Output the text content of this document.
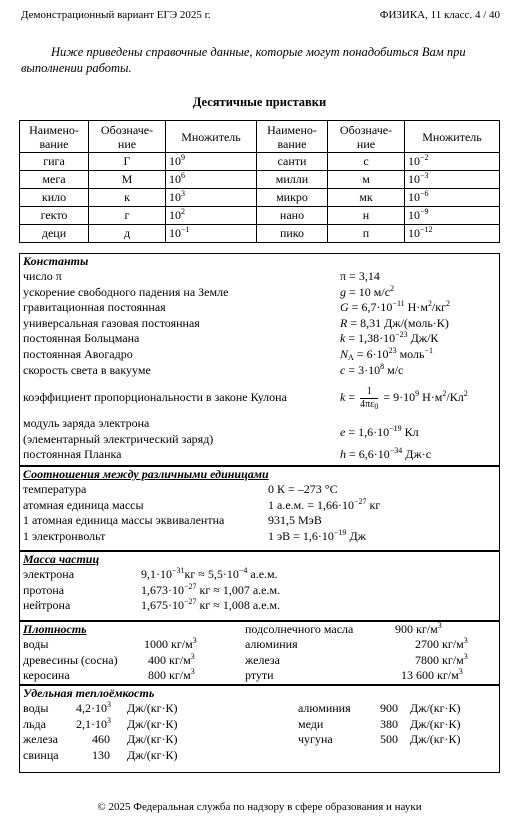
Демонстрационный вариант ЕГЭ 2025 г.	ФИЗИКА, 11 класс. 4 / 40
Ниже приведены справочные данные, которые могут понадобиться Вам при выполнении работы.
Десятичные приставки
Наимено-вание	Обозначе-ние	Множитель	Наимено-вание	Обозначе-ние	Множитель
гига	Г	$10^9$	санти	с	$10^{-2}$
мега	М	$10^6$	милли	м	$10^{-3}$
кило	к	$10^3$	микро	мк	$10^{-6}$
гекто	г	$10^2$	нано	н	$10^{-9}$
деци	д	$10^{-1}$	пико	п	$10^{-12}$
Константы
число π	π = 3,14
ускорение свободного падения на Земле	g = 10 $м/с^2$
гравитационная постоянная	$G = 6,7\cdot 10^{-11}$ $Н\cdot м^2/кг^2$
универсальная газовая постоянная	R = 8,31 Дж/(моль·К)
постоянная Больцмана	$k = 1,38\cdot 10^{-23}$ Дж/К
постоянная Авогадро	$N_A = 6\cdot 10^{23}$ моль$^{-1}$
скорость света в вакууме	$c = 3\cdot 10^8$ м/с
коэффициент пропорциональности в законе Кулона	$k = \frac{1}{4\pi\varepsilon_0} = 9\cdot 10^9$ $Н\cdot м^2/Кл^2$
модуль заряда электрона
(элементарный электрический заряд)	$e = 1,6\cdot 10^{-19}$ Кл
постоянная Планка	$h = 6,6\cdot 10^{-34}$ Дж·с
Соотношения между различными единицами
температура	0 К = –273 °С
атомная единица массы	1 а.е.м. = $1,66\cdot 10^{-27}$ кг
1 атомная единица массы эквивалентна	931,5 МэВ
1 электронвольт	1 эВ = $1,6\cdot 10^{-19}$ Дж
Масса частиц
электрона	$9,1\cdot 10^{-31}кг \approx 5,5\cdot 10^{-4}$ а.е.м.
протона	$1,673\cdot 10^{-27}$ кг ≈ 1,007 а.е.м.
нейтрона	$1,675\cdot 10^{-27}$ кг ≈ 1,008 а.е.м.
Плотность	подсолнечного масла	900 $кг/м^3$
воды	1000 $кг/м^3$	алюминия	2700 $кг/м^3$
древесины (сосна)	400 $кг/м^3$	железа	7800 $кг/м^3$
керосина	800 $кг/м^3$	ртути	13 600 $кг/м^3$
Удельная теплоёмкость
воды $4,2\cdot 10^3$ Дж/(кг·К)	алюминия 900 Дж/(кг·К)
льда	$2,1\cdot 10^3$ Дж/(кг·К)	меди	380 Дж/(кг·К)
железа	460 Дж/(кг·К)	чугуна	500 Дж/(кг·К)
свинца	130 Дж/(кг·К)
© 2025 Федеральная служба по надзору в сфере образования и науки
